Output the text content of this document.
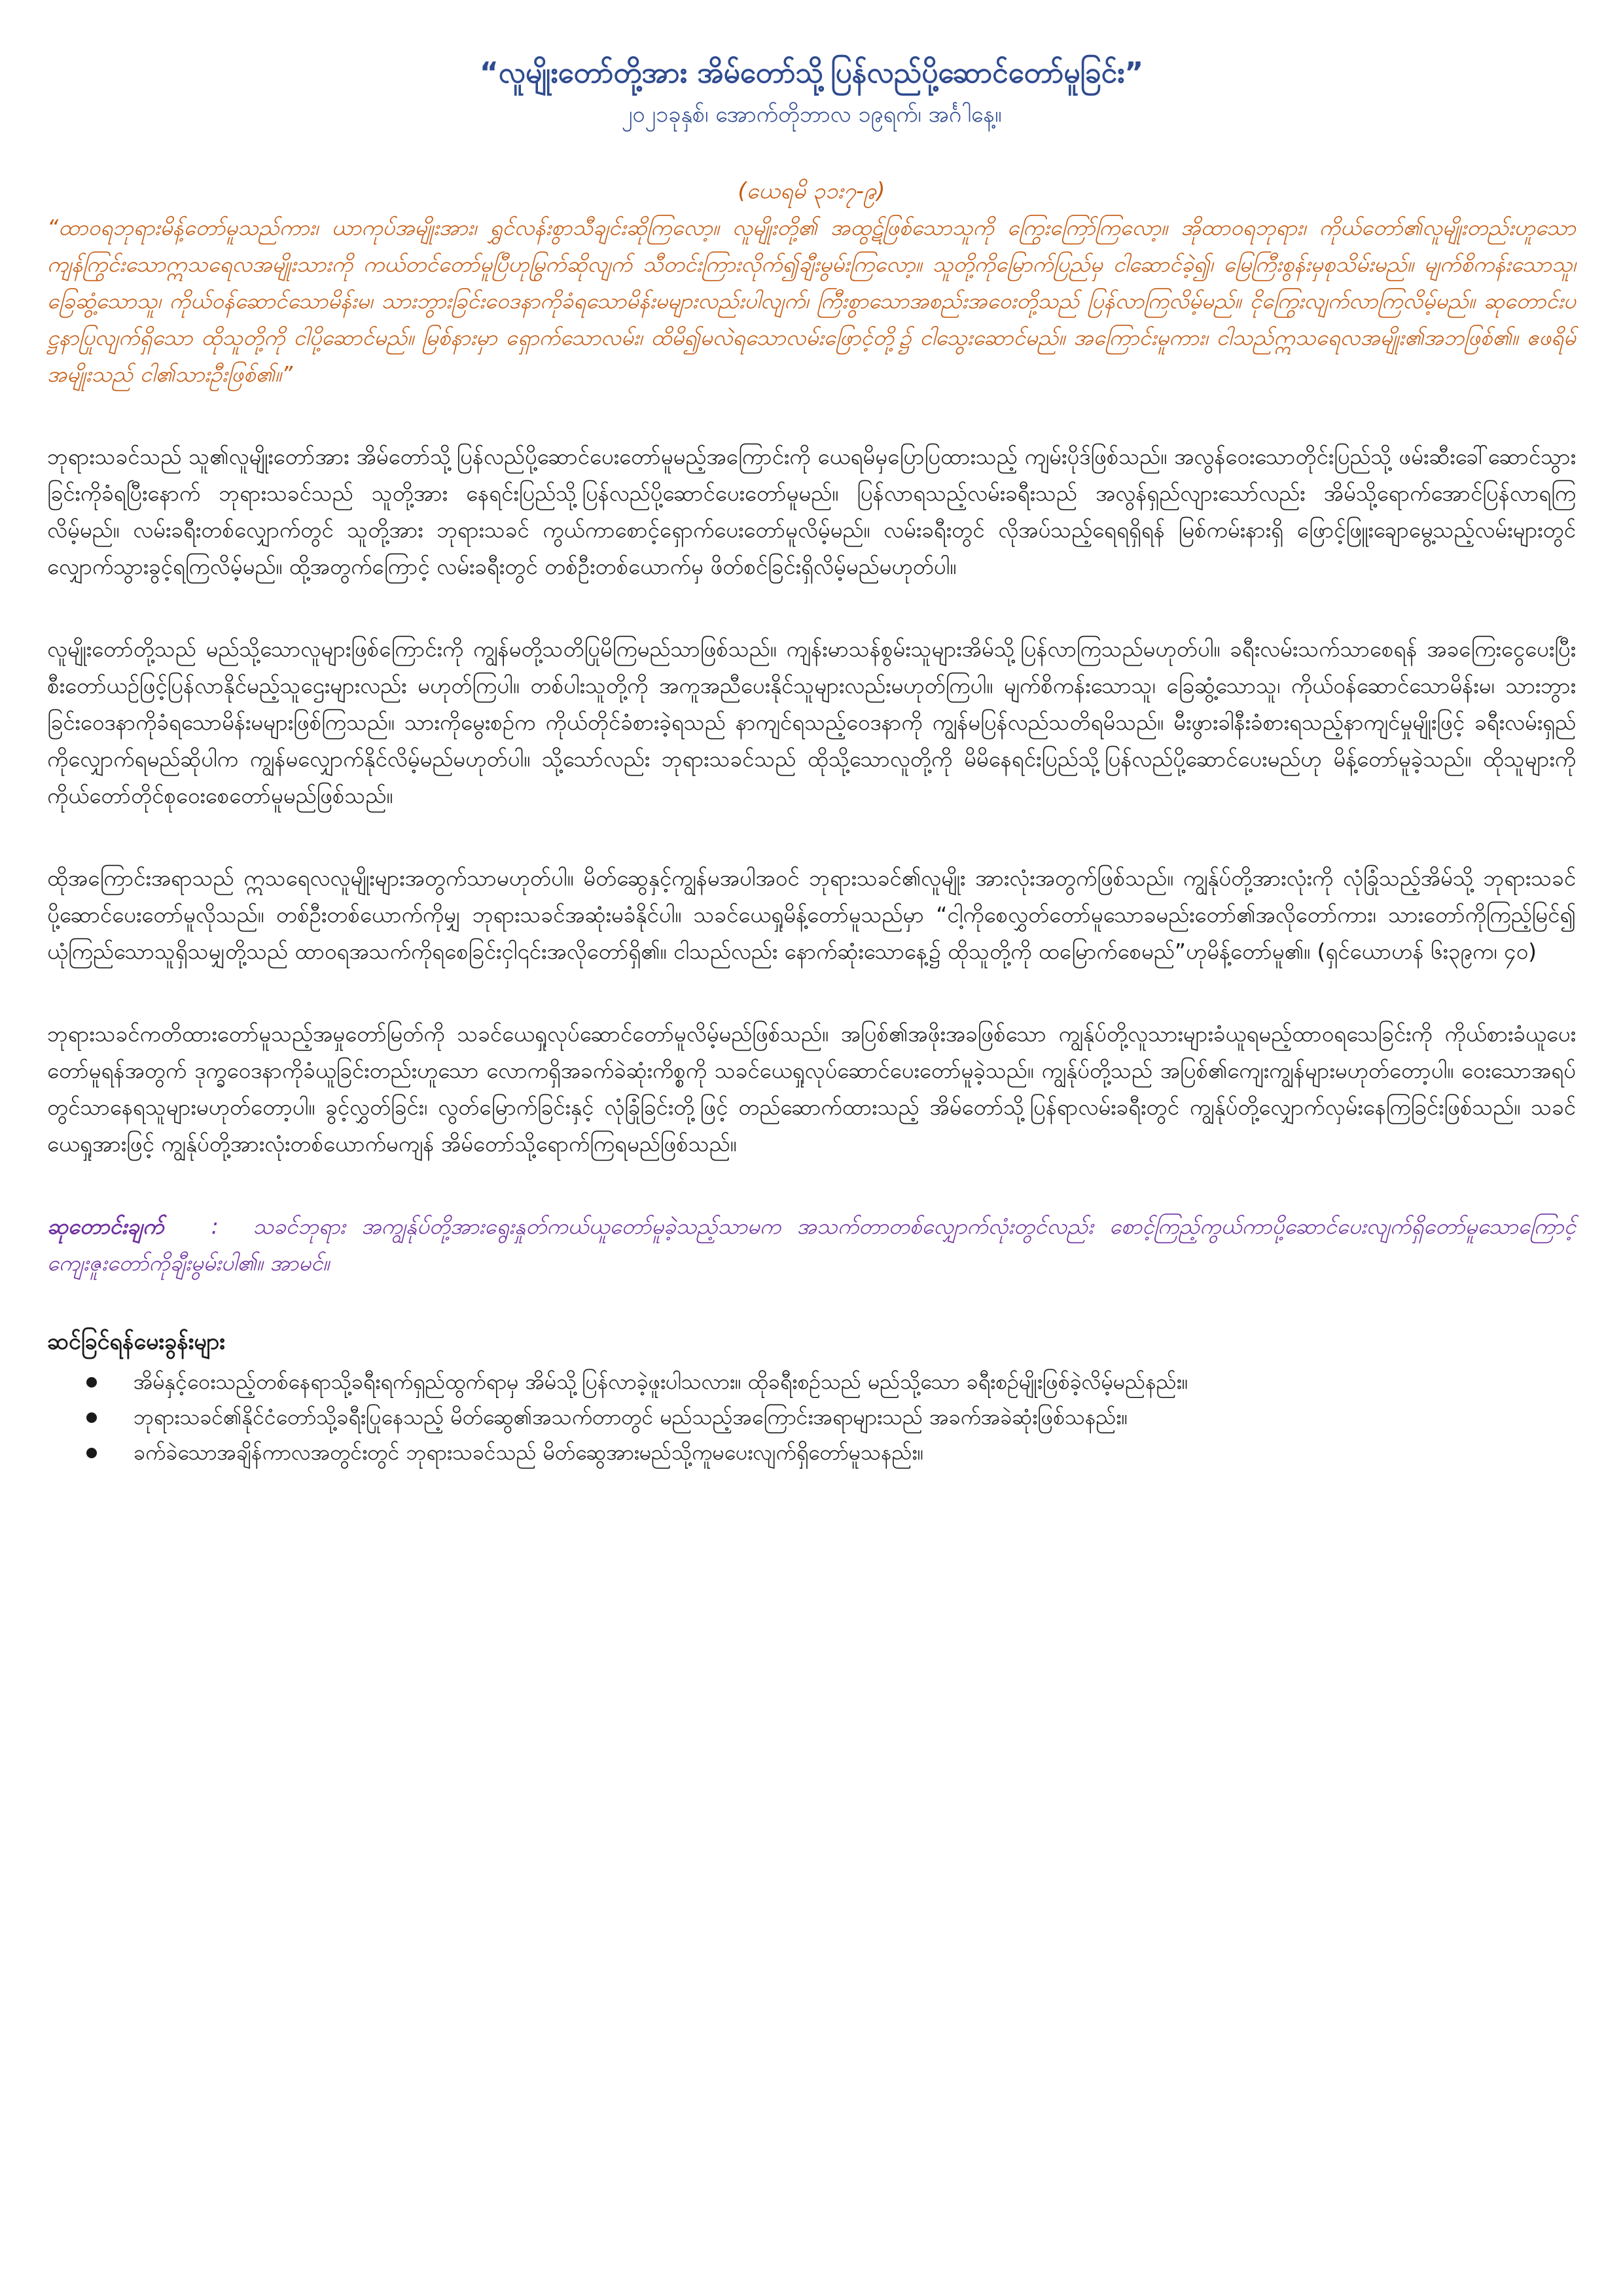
“လူမျိုးတော်တို့အား အိမ်တော်သို့ပြန်လည်ပို့ဆောင်တော်မူခြင်း”

၂၀၂၁ခုနှစ်၊ အောက်တိုဘာလ ၁၉ရက်၊ အင်္ဂါနေ့။

(ယေရမိ ၃၁း၇-၉)

“ထာဝရဘုရားမိန့်တော်မူသည်ကား၊ ယာကုပ်အမျိုးအား၊ ရွှင်လန်းစွာသီချင်းဆိုကြလော့။ လူမျိုးတို့၏ အထွဋ်ဖြစ်သောသူကို ကြွေးကြော်ကြလော့။ အိုထာဝရဘုရား၊ ကိုယ်တော်၏လူမျိုးတည်းဟူသော ကျန်ကြွင်းသောဣသရေလအမျိုးသားကို ကယ်တင်တော်မူပြီဟုမြွက်ဆိုလျက် သီတင်းကြားလိုက်၍ချီးမွမ်းကြလော့။ သူတို့ကိုမြောက်ပြည်မှ ငါဆောင်ခဲ့၍၊ မြေကြီးစွန်းမှစုသိမ်းမည်။ မျက်စိကန်းသောသူ၊ ခြေဆွံ့သောသူ၊ ကိုယ်ဝန်ဆောင်သောမိန်းမ၊ သားဘွားခြင်းဝေဒနာကိုခံရသောမိန်းမများလည်းပါလျက်၊ ကြီးစွာသောအစည်းအဝေးတို့သည် ပြန်လာကြလိမ့်မည်။ ငိုကြွေးလျက်လာကြလိမ့်မည်။ ဆုတောင်းပဋ္ဌနာပြုလျက်ရှိသော ထိုသူတို့ကို ငါပို့ဆောင်မည်။ မြစ်နားမှာ ရှောက်သောလမ်း၊ ထိမိ၍မလဲရသောလမ်းဖြောင့်တို့၌ ငါသွေးဆောင်မည်။ အကြောင်းမူကား၊ ငါသည်ဣသရေလအမျိုး၏အဘဖြစ်၏။ ဧဖရိမ်အမျိုးသည် ငါ၏သားဦးဖြစ်၏။”

ဘုရားသခင်သည် သူ၏လူမျိုးတော်အား အိမ်တော်သို့ပြန်လည်ပို့ဆောင်ပေးတော်မူမည့်အကြောင်းကို ယေရမိမှပြောပြထားသည့် ကျမ်းပိုဒ်ဖြစ်သည်။ အလွန်ဝေးသောတိုင်းပြည်သို့ ဖမ်းဆီးခေါ်ဆောင်သွားခြင်းကိုခံရပြီးနောက် ဘုရားသခင်သည် သူတို့အား နေရင်းပြည်သို့ပြန်လည်ပို့ဆောင်ပေးတော်မူမည်။ ပြန်လာရသည့်လမ်းခရီးသည် အလွန်ရှည်လျားသော်လည်း အိမ်သို့ရောက်အောင်ပြန်လာရကြလိမ့်မည်။ လမ်းခရီးတစ်လျှောက်တွင် သူတို့အား ဘုရားသခင် ကွယ်ကာစောင့်ရှောက်ပေးတော်မူလိမ့်မည်။ လမ်းခရီးတွင် လိုအပ်သည့်ရေရရှိရန် မြစ်ကမ်းနားရှိ ဖြောင့်ဖြူးချောမွေ့သည့်လမ်းများတွင် လျှောက်သွားခွင့်ရကြလိမ့်မည်။ ထို့အတွက်ကြောင့် လမ်းခရီးတွင် တစ်ဦးတစ်ယောက်မှ ဖိတ်စင်ခြင်းရှိလိမ့်မည်မဟုတ်ပါ။

လူမျိုးတော်တို့သည် မည်သို့သောလူများဖြစ်ကြောင်းကို ကျွန်မတို့သတိပြုမိကြမည်သာဖြစ်သည်။ ကျန်းမာသန်စွမ်းသူများအိမ်သို့ပြန်လာကြသည်မဟုတ်ပါ။ ခရီးလမ်းသက်သာစေရန် အခကြေးငွေပေးပြီး စီးတော်ယဉ်ဖြင့်ပြန်လာနိုင်မည့်သူဌေးများလည်း မဟုတ်ကြပါ။ တစ်ပါးသူတို့ကို အကူအညီပေးနိုင်သူများလည်းမဟုတ်ကြပါ။ မျက်စိကန်းသောသူ၊ ခြေဆွံ့သောသူ၊ ကိုယ်ဝန်ဆောင်သောမိန်းမ၊ သားဘွားခြင်းဝေဒနာကိုခံရသောမိန်းမများဖြစ်ကြသည်။ သားကိုမွေးစဉ်က ကိုယ်တိုင်ခံစားခဲ့ရသည် နာကျင်ရသည့်ဝေဒနာကို ကျွန်မပြန်လည်သတိရမိသည်။ မီးဖွားခါနီးခံစားရသည့်နာကျင်မှုမျိုးဖြင့် ခရီးလမ်းရှည်ကိုလျှောက်ရမည်ဆိုပါက ကျွန်မလျှောက်နိုင်လိမ့်မည်မဟုတ်ပါ။ သို့သော်လည်း ဘုရားသခင်သည် ထိုသို့သောလူတို့ကို မိမိနေရင်းပြည်သို့ပြန်လည်ပို့ဆောင်ပေးမည်ဟု မိန့်တော်မူခဲ့သည်။ ထိုသူများကို ကိုယ်တော်တိုင်စုဝေးစေတော်မူမည်ဖြစ်သည်။

ထိုအကြောင်းအရာသည် ဣသရေလလူမျိုးများအတွက်သာမဟုတ်ပါ။ မိတ်ဆွေနှင့်ကျွန်မအပါအဝင် ဘုရားသခင်၏လူမျိုး အားလုံးအတွက်ဖြစ်သည်။ ကျွန်ုပ်တို့အားလုံးကို လုံခြုံသည့်အိမ်သို့ ဘုရားသခင်ပို့ဆောင်ပေးတော်မူလိုသည်။ တစ်ဦးတစ်ယောက်ကိုမျှ ဘုရားသခင်အဆုံးမခံနိုင်ပါ။ သခင်ယေရှုမိန့်တော်မူသည်မှာ “ငါ့ကိုစေလွှတ်တော်မူသောခမည်းတော်၏အလိုတော်ကား၊ သားတော်ကိုကြည့်မြင်၍ ယုံကြည်သောသူရှိသမျှတို့သည် ထာဝရအသက်ကိုရစေခြင်းငှါ၎င်းအလိုတော်ရှိ၏။ ငါသည်လည်း နောက်ဆုံးသောနေ့၌ ထိုသူတို့ကို ထမြောက်စေမည်”ဟုမိန့်တော်မူ၏။ (ရှင်ယောဟန် ၆း၃၉က၊ ၄၀)

ဘုရားသခင်ကတိထားတော်မူသည့်အမှုတော်မြတ်ကို သခင်ယေရှုလုပ်ဆောင်တော်မူလိမ့်မည်ဖြစ်သည်။ အပြစ်၏အဖိုးအခဖြစ်သော ကျွန်ုပ်တို့လူသားများခံယူရမည့်ထာဝရသေခြင်းကို ကိုယ်စားခံယူပေးတော်မူရန်အတွက် ဒုက္ခဝေဒနာကိုခံယူခြင်းတည်းဟူသော လောကရှိအခက်ခဲဆုံးကိစ္စကို သခင်ယေရှုလုပ်ဆောင်ပေးတော်မူခဲ့သည်။ ကျွန်ုပ်တို့သည် အပြစ်၏ကျေးကျွန်များမဟုတ်တော့ပါ။ ဝေးသောအရပ်တွင်သာနေရသူများမဟုတ်တော့ပါ။ ခွင့်လွှတ်ခြင်း၊ လွတ်မြောက်ခြင်းနှင့် လုံခြုံခြင်းတို့ဖြင့် တည်ဆောက်ထားသည့် အိမ်တော်သို့ပြန်ရာလမ်းခရီးတွင် ကျွန်ုပ်တို့လျှောက်လှမ်းနေကြခြင်းဖြစ်သည်။ သခင်ယေရှုအားဖြင့် ကျွန်ုပ်တို့အားလုံးတစ်ယောက်မကျန် အိမ်တော်သို့ရောက်ကြရမည်ဖြစ်သည်။

ဆုတောင်းချက် : သခင်ဘုရား အကျွန်ုပ်တို့အားရွေးနှုတ်ကယ်ယူတော်မူခဲ့သည့်သာမက အသက်တာတစ်လျှောက်လုံးတွင်လည်း စောင့်ကြည့်ကွယ်ကာပို့ဆောင်ပေးလျက်ရှိတော်မူသောကြောင့် ကျေးဇူးတော်ကိုချီးမွမ်းပါ၏။ အာမင်။

ဆင်ခြင်ရန်မေးခွန်းများ

အိမ်နှင့်ဝေးသည့်တစ်နေရာသို့ခရီးရက်ရှည်ထွက်ရာမှ အိမ်သို့ပြန်လာခဲ့ဖူးပါသလား။ ထိုခရီးစဉ်သည် မည်သို့သော ခရီးစဉ်မျိုးဖြစ်ခဲ့လိမ့်မည်နည်း။
ဘုရားသခင်၏နိုင်ငံတော်သို့ခရီးပြုနေသည့် မိတ်ဆွေ၏အသက်တာတွင် မည်သည့်အကြောင်းအရာများသည် အခက်အခဲဆုံးဖြစ်သနည်း။
ခက်ခဲသောအချိန်ကာလအတွင်းတွင် ဘုရားသခင်သည် မိတ်ဆွေအားမည်သို့ကူမပေးလျက်ရှိတော်မူသနည်း။
